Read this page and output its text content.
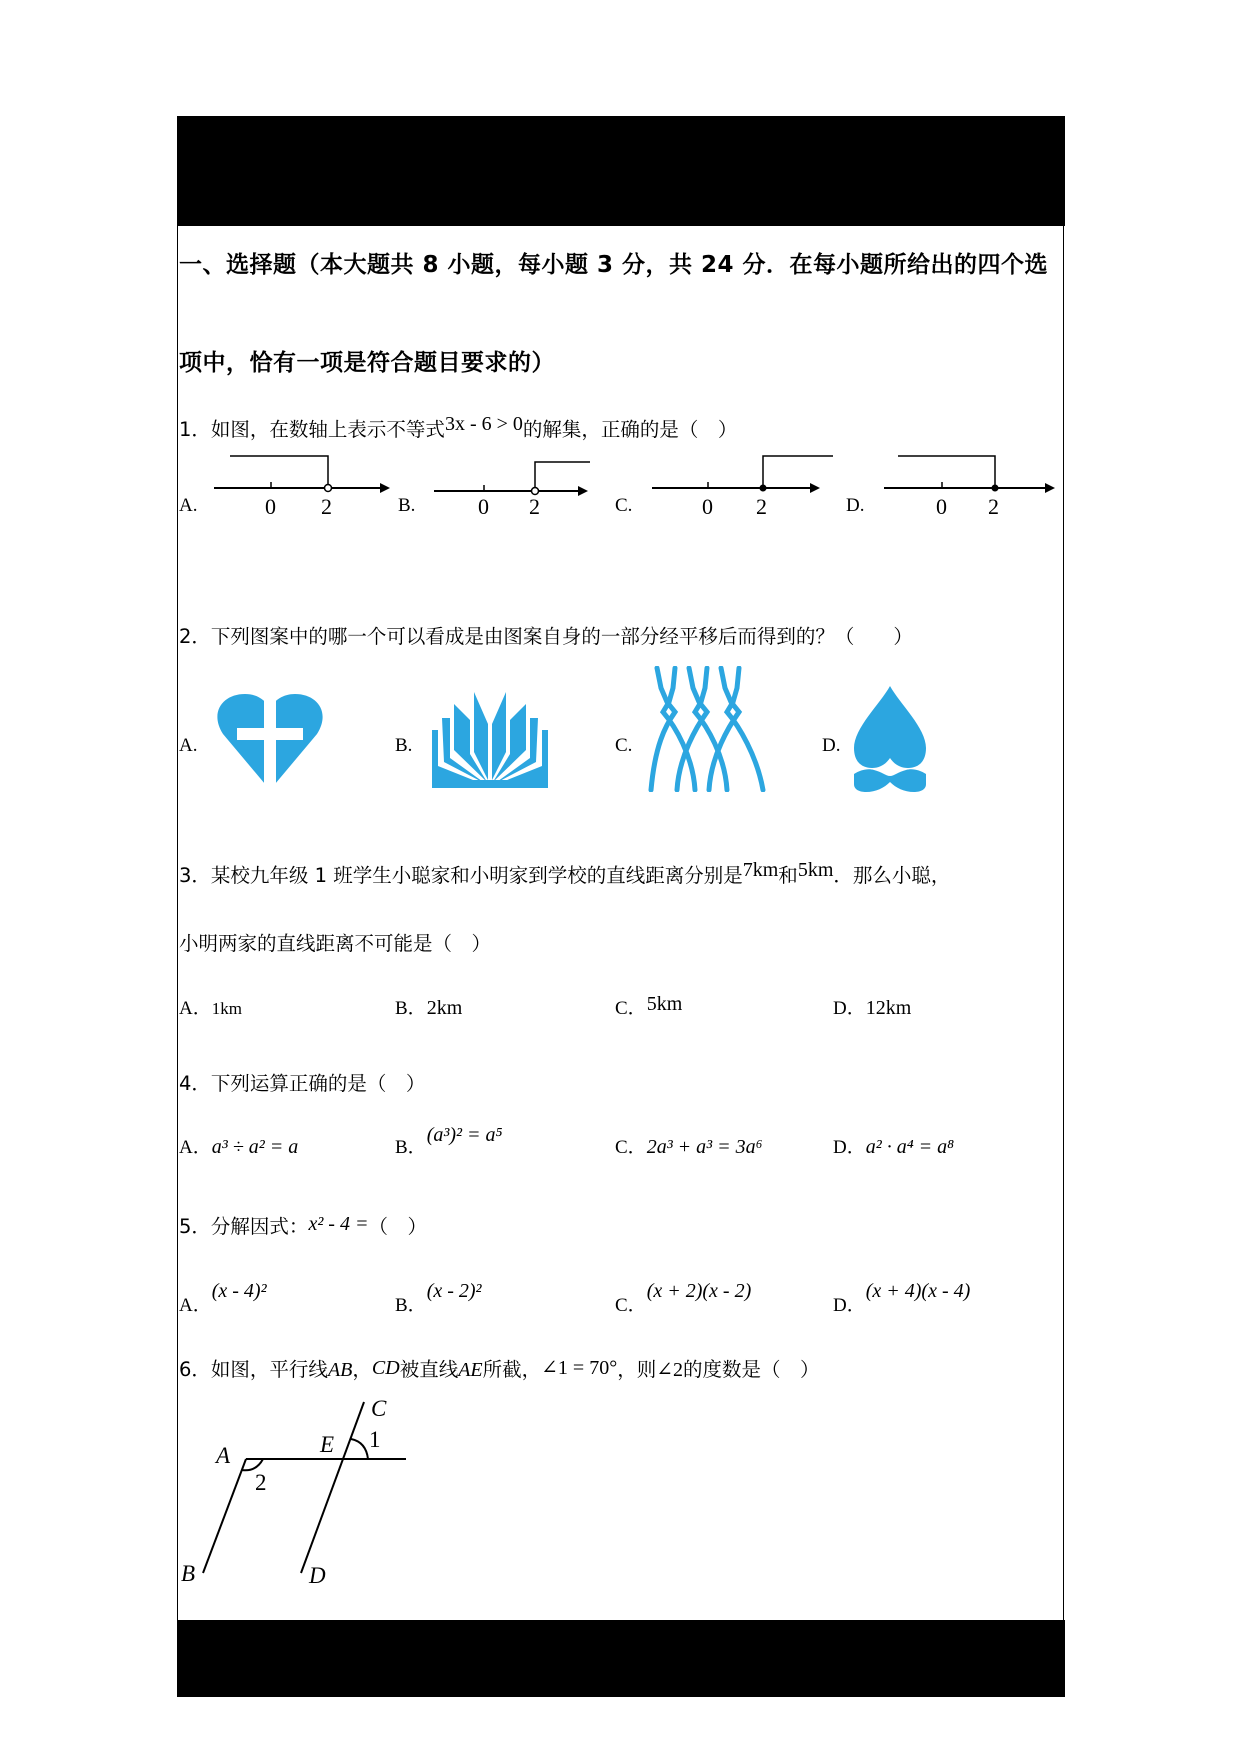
一、选择题（本大题共 8 小题，每小题 3 分，共 24 分．在每小题所给出的四个选
项中，恰有一项是符合题目要求的）
1．如图，在数轴上表示不等式3x - 6 > 0的解集，正确的是（　）
A.	0 2	B.	0 2	C.	0 2	D.	0 2
2．下列图案中的哪一个可以看成是由图案自身的一部分经平移后而得到的？（　　）
A.	B.	C.	D.
3．某校九年级 1 班学生小聪家和小明家到学校的直线距离分别是7km和5km．那么小聪，
小明两家的直线距离不可能是（　）
A．1km	B．2km	C．5km	D．12km
4．下列运算正确的是（　）
A．a³ ÷ a² = a	B．(a³)² = a⁵
C．2a³ + a³ = 3a⁶	D．a² · a⁴ = a⁸
5．分解因式：x² - 4 =（　）
A．(x - 4)²
B．(x - 2)²
C．(x + 2)(x - 2)
D．(x + 4)(x - 4)
6．如图，平行线AB，CD被直线AE所截，∠1 = 70°，则∠2的度数是（　）
A
B
C
D
E 1
2
